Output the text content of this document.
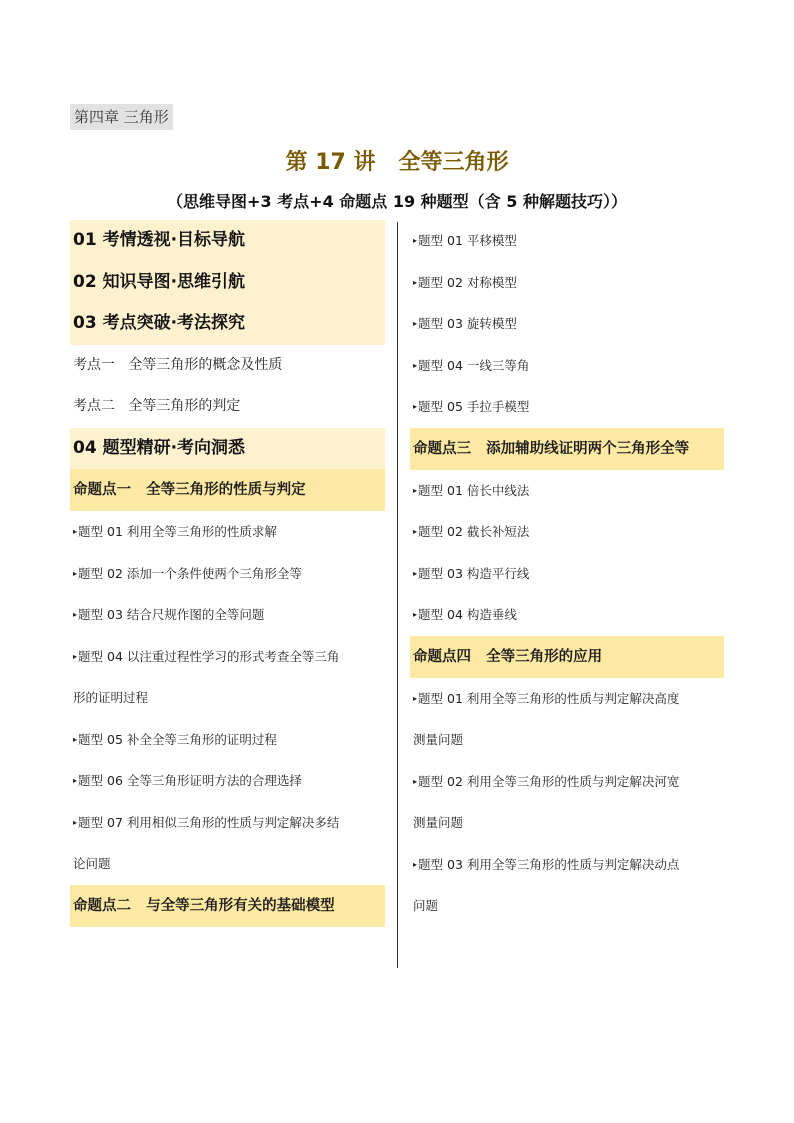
第四章 三角形
第 17 讲   全等三角形
（思维导图+3 考点+4 命题点 19 种题型（含 5 种解题技巧））
01 考情透视·目标导航
02 知识导图·思维引航
03 考点突破·考法探究
考点一   全等三角形的概念及性质
考点二   全等三角形的判定
04 题型精研·考向洞悉
命题点一   全等三角形的性质与判定
▸题型 01 利用全等三角形的性质求解
▸题型 02 添加一个条件使两个三角形全等
▸题型 03 结合尺规作图的全等问题
▸题型 04 以注重过程性学习的形式考查全等三角
形的证明过程
▸题型 05 补全全等三角形的证明过程
▸题型 06 全等三角形证明方法的合理选择
▸题型 07 利用相似三角形的性质与判定解决多结
论问题
命题点二   与全等三角形有关的基础模型
▸题型 01 平移模型
▸题型 02 对称模型
▸题型 03 旋转模型
▸题型 04 一线三等角
▸题型 05 手拉手模型
命题点三   添加辅助线证明两个三角形全等
▸题型 01 倍长中线法
▸题型 02 截长补短法
▸题型 03 构造平行线
▸题型 04 构造垂线
命题点四   全等三角形的应用
▸题型 01 利用全等三角形的性质与判定解决高度
测量问题
▸题型 02 利用全等三角形的性质与判定解决河宽
测量问题
▸题型 03 利用全等三角形的性质与判定解决动点
问题
